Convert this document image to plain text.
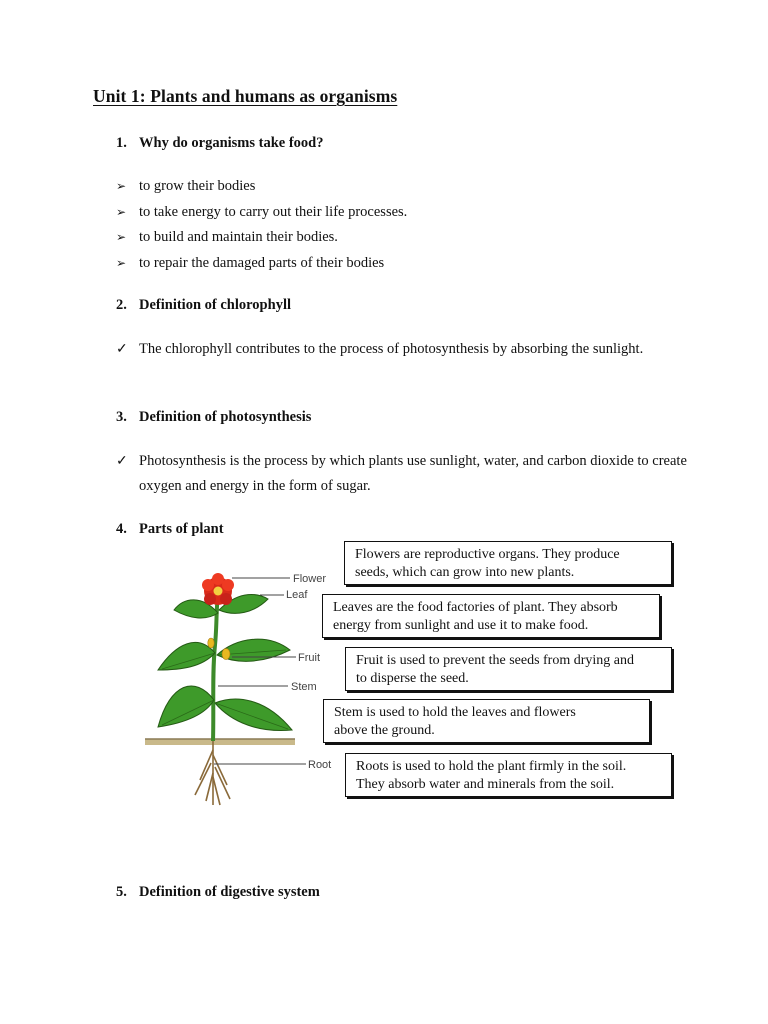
Unit 1: Plants and humans as organisms
1. Why do organisms take food?
➢ to grow their bodies
➢ to take energy to carry out their life processes.
➢ to build and maintain their bodies.
➢ to repair the damaged parts of their bodies
2. Definition of chlorophyll

✓ The chlorophyll contributes to the process of photosynthesis by absorbing the sunlight.

3. Definition of photosynthesis

✓ Photosynthesis is the process by which plants use sunlight, water, and carbon dioxide to create oxygen and energy in the form of sugar.

4. Parts of plant
Flower
Leaf
Fruit
Stem
Root
Flowers are reproductive organs. They produce
seeds, which can grow into new plants.
Leaves are the food factories of plant. They absorb
energy from sunlight and use it to make food.
Fruit is used to prevent the seeds from drying and
to disperse the seed.
Stem is used to hold the leaves and flowers
above the ground.
Roots is used to hold the plant firmly in the soil.
They absorb water and minerals from the soil.
5. Definition of digestive system
